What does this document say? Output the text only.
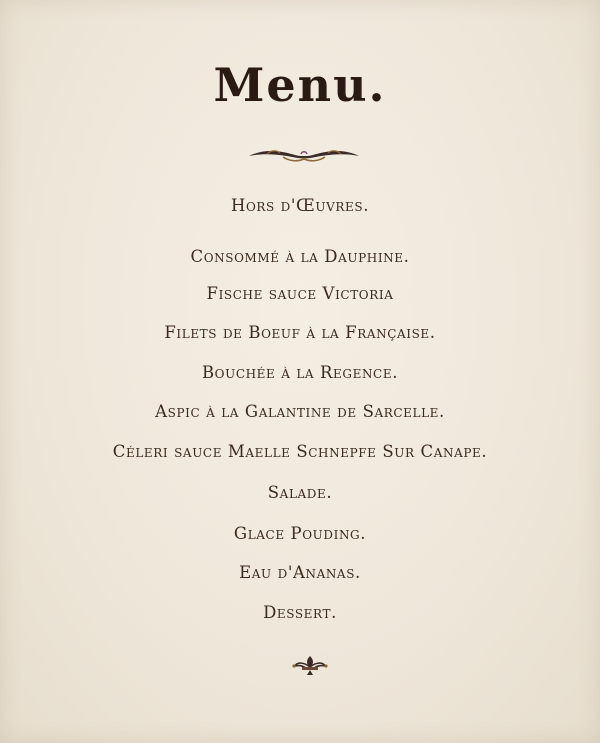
Menu.
Hors d'Œuvres.
Consommé à la Dauphine.
Fische sauce Victoria
Filets de Boeuf à la Française.
Bouchée à la Regence.
Aspic à la Galantine de Sarcelle.
Céleri sauce Maelle Schnepfe Sur Canape.
Salade.
Glace Pouding.
Eau d'Ananas.
Dessert.
